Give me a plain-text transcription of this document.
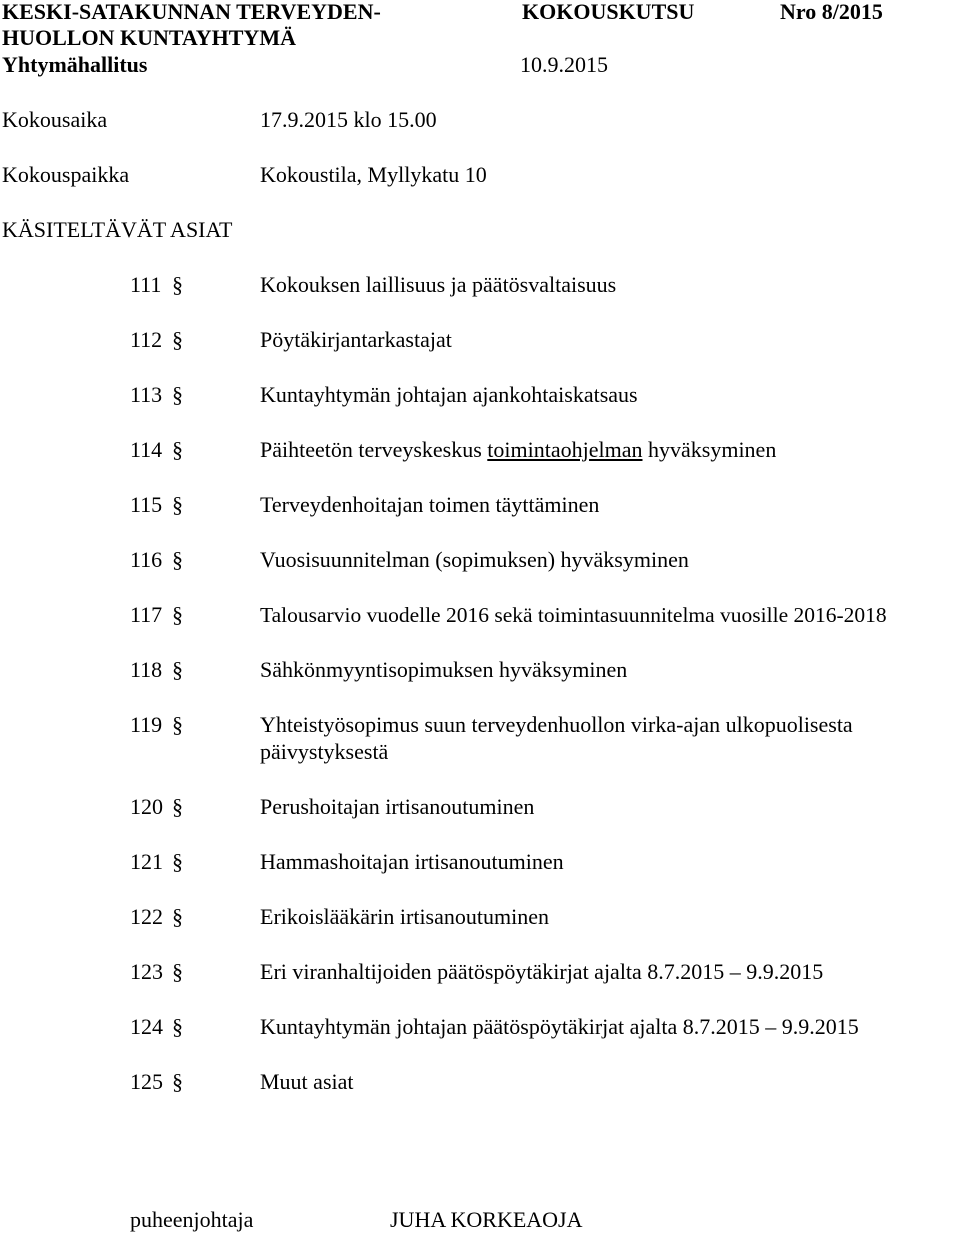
KESKI-SATAKUNNAN TERVEYDEN-
HUOLLON KUNTAYHTYMÄ
Yhtymähallitus
KOKOUSKUTSU	Nro 8/2015
10.9.2015
Kokousaika	17.9.2015 klo 15.00
Kokouspaikka	Kokoustila, Myllykatu 10
KÄSITELTÄVÄT ASIAT
111 §	Kokouksen laillisuus ja päätösvaltaisuus
112 §	Pöytäkirjantarkastajat
113 §	Kuntayhtymän johtajan ajankohtaiskatsaus
114 §	Päihteetön terveyskeskus toimintaohjelman hyväksyminen
115 §	Terveydenhoitajan toimen täyttäminen
116 §	Vuosisuunnitelman (sopimuksen) hyväksyminen
117 §	Talousarvio vuodelle 2016 sekä toimintasuunnitelma vuosille 2016-2018
118 §	Sähkönmyyntisopimuksen hyväksyminen
119 §	Yhteistyösopimus suun terveydenhuollon virka-ajan ulkopuolisesta
päivystyksestä
120 §	Perushoitajan irtisanoutuminen
121 §	Hammashoitajan irtisanoutuminen
122 §	Erikoislääkärin irtisanoutuminen
123 §	Eri viranhaltijoiden päätöspöytäkirjat ajalta 8.7.2015 – 9.9.2015
124 §	Kuntayhtymän johtajan päätöspöytäkirjat ajalta 8.7.2015 – 9.9.2015
125 §	Muut asiat
puheenjohtaja	JUHA KORKEAOJA
